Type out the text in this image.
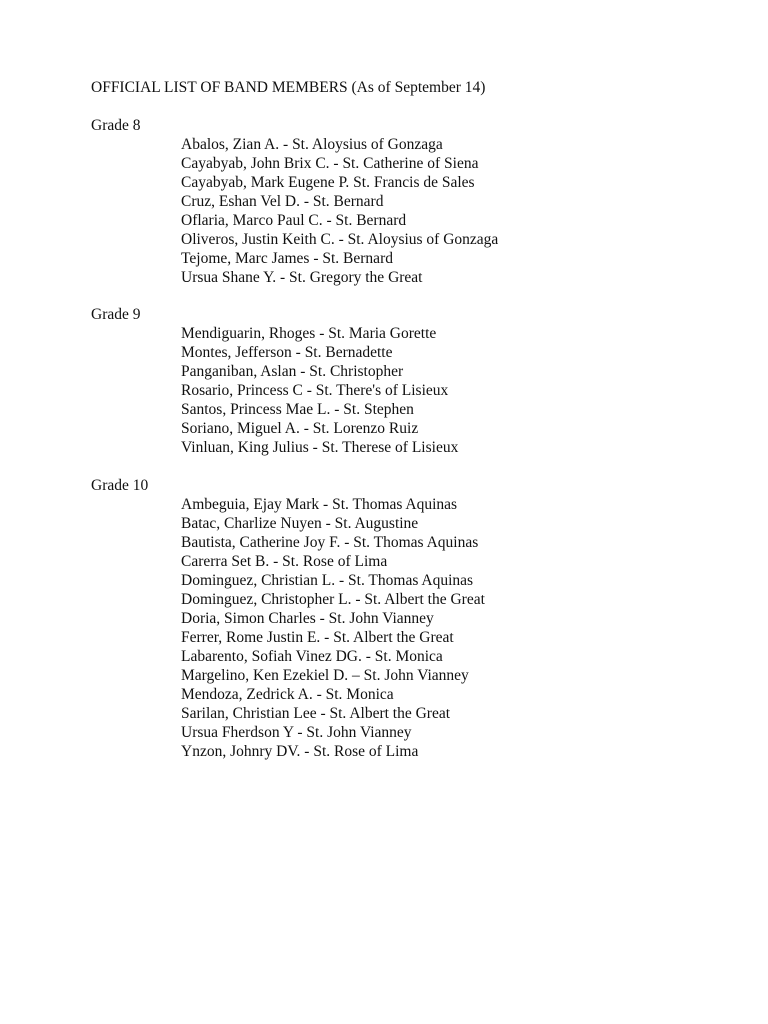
OFFICIAL LIST OF BAND MEMBERS (As of September 14)
Grade 8
Abalos, Zian A. - St. Aloysius of Gonzaga
Cayabyab, John Brix C. - St. Catherine of Siena
Cayabyab, Mark Eugene P. St. Francis de Sales
Cruz, Eshan Vel D. - St. Bernard
Oflaria, Marco Paul C. - St. Bernard
Oliveros, Justin Keith C. - St. Aloysius of Gonzaga
Tejome, Marc James - St. Bernard
Ursua Shane Y. - St. Gregory the Great
Grade 9
Mendiguarin, Rhoges - St. Maria Gorette
Montes, Jefferson - St. Bernadette
Panganiban, Aslan - St. Christopher
Rosario, Princess C - St. There's of Lisieux
Santos, Princess Mae L. - St. Stephen
Soriano, Miguel A. - St. Lorenzo Ruiz
Vinluan, King Julius - St. Therese of Lisieux
Grade 10
Ambeguia, Ejay Mark - St. Thomas Aquinas
Batac, Charlize Nuyen - St. Augustine
Bautista, Catherine Joy F. - St. Thomas Aquinas
Carerra Set B. - St. Rose of Lima
Dominguez, Christian L. - St. Thomas Aquinas
Dominguez, Christopher L. - St. Albert the Great
Doria, Simon Charles - St. John Vianney
Ferrer, Rome Justin E. - St. Albert the Great
Labarento, Sofiah Vinez DG. - St. Monica
Margelino, Ken Ezekiel D. – St. John Vianney
Mendoza, Zedrick A. - St. Monica
Sarilan, Christian Lee - St. Albert the Great
Ursua Fherdson Y - St. John Vianney
Ynzon, Johnry DV. - St. Rose of Lima
